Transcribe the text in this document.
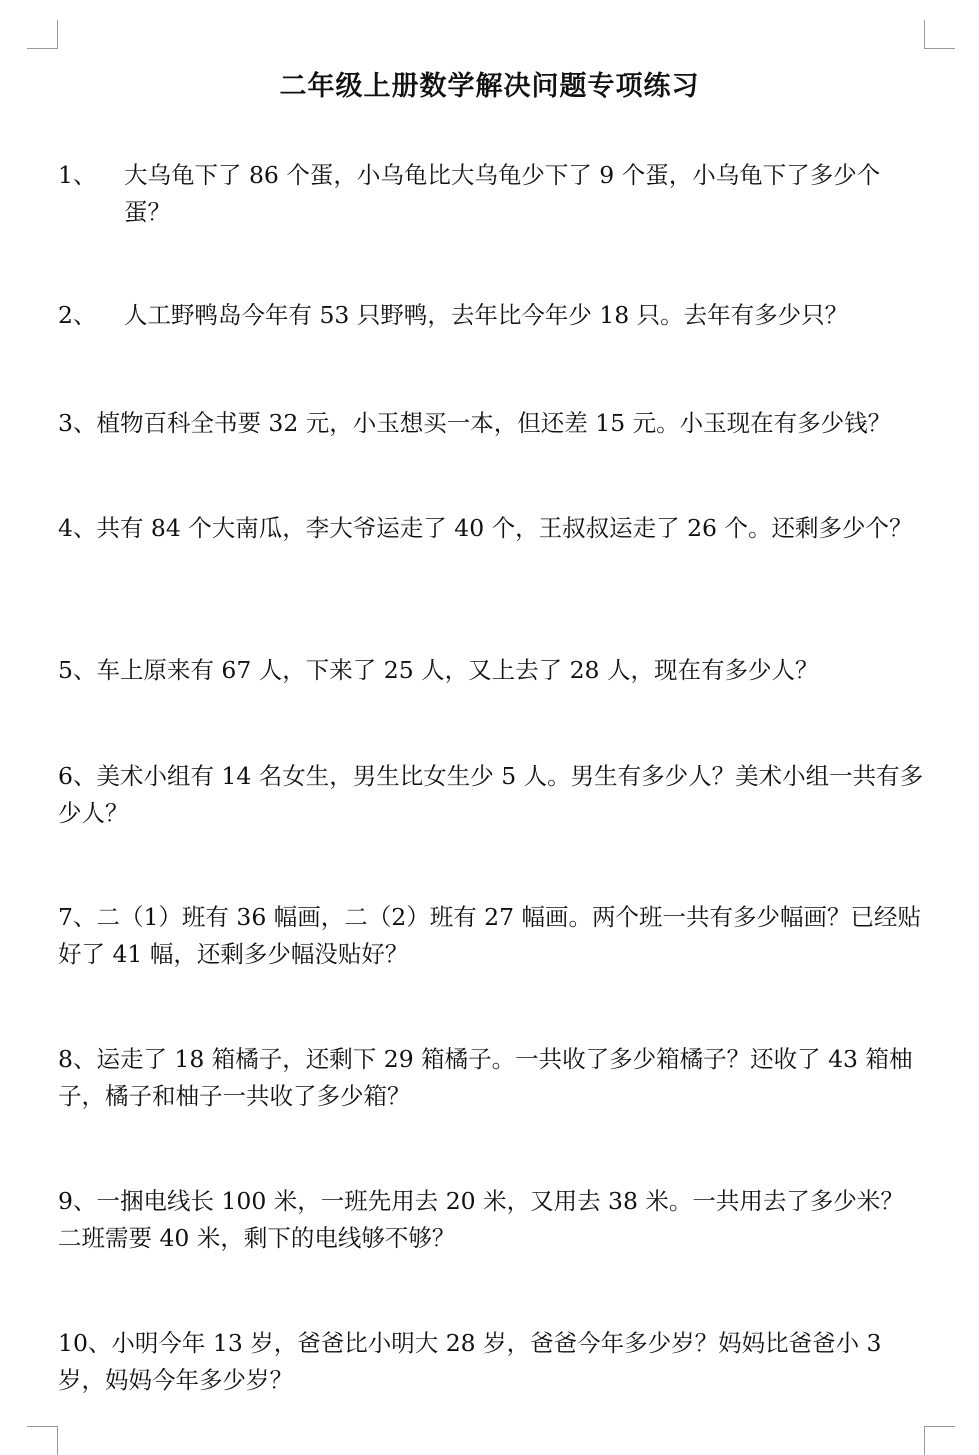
二年级上册数学解决问题专项练习
1、	大乌龟下了 86 个蛋，小乌龟比大乌龟少下了 9 个蛋，小乌龟下了多少个蛋？
2、	人工野鸭岛今年有 53 只野鸭，去年比今年少 18 只。去年有多少只？
3、植物百科全书要 32 元，小玉想买一本，但还差 15 元。小玉现在有多少钱？
4、共有 84 个大南瓜，李大爷运走了 40 个，王叔叔运走了 26 个。还剩多少个？
5、车上原来有 67 人，下来了 25 人，又上去了 28 人，现在有多少人？
6、美术小组有 14 名女生，男生比女生少 5 人。男生有多少人？美术小组一共有多少人？
7、二（1）班有 36 幅画，二（2）班有 27 幅画。两个班一共有多少幅画？已经贴好了 41 幅，还剩多少幅没贴好？
8、运走了 18 箱橘子，还剩下 29 箱橘子。一共收了多少箱橘子？还收了 43 箱柚子，橘子和柚子一共收了多少箱？
9、一捆电线长 100 米，一班先用去 20 米，又用去 38 米。一共用去了多少米？二班需要 40 米，剩下的电线够不够？
10、小明今年 13 岁，爸爸比小明大 28 岁，爸爸今年多少岁？妈妈比爸爸小 3 岁，妈妈今年多少岁？
